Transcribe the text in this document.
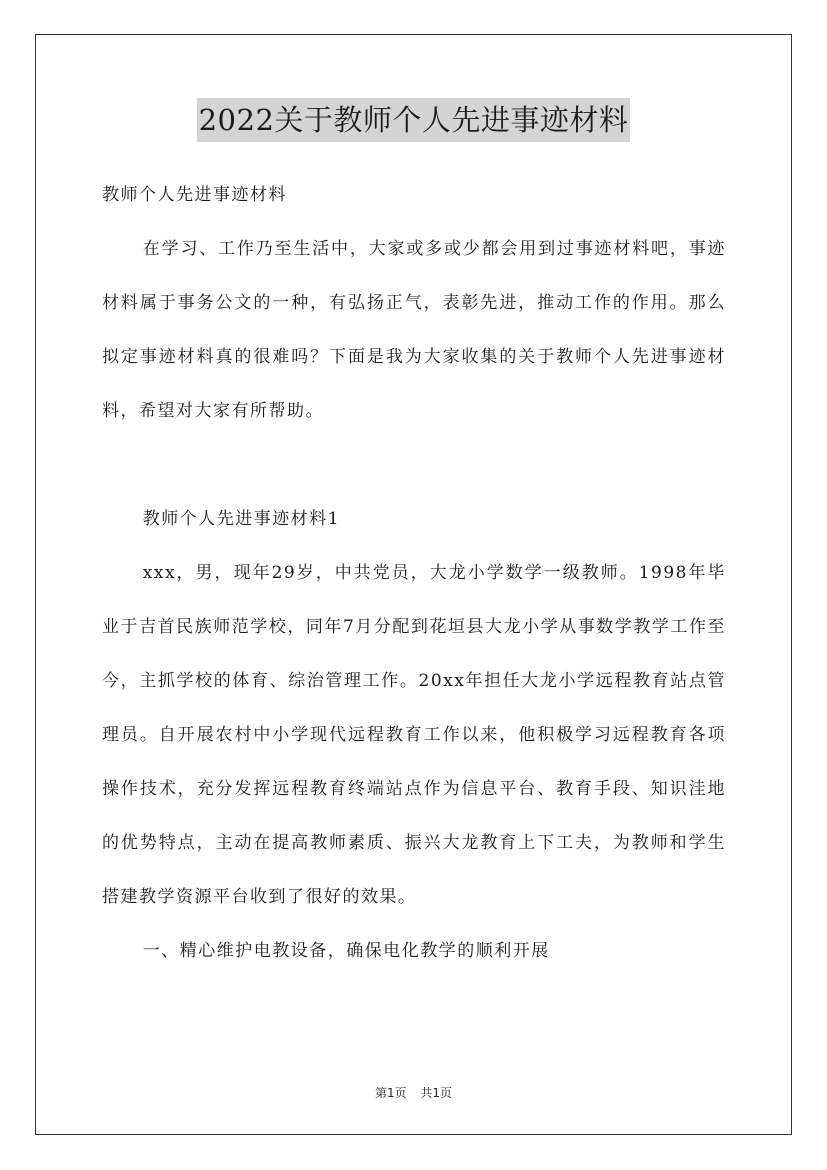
2022关于教师个人先进事迹材料

教师个人先进事迹材料

在学习、工作乃至生活中，大家或多或少都会用到过事迹材料吧，事迹材料属于事务公文的一种，有弘扬正气，表彰先进，推动工作的作用。那么拟定事迹材料真的很难吗？下面是我为大家收集的关于教师个人先进事迹材料，希望对大家有所帮助。

教师个人先进事迹材料1

xxx，男，现年29岁，中共党员，大龙小学数学一级教师。1998年毕业于吉首民族师范学校，同年7月分配到花垣县大龙小学从事数学教学工作至今，主抓学校的体育、综治管理工作。20xx年担任大龙小学远程教育站点管理员。自开展农村中小学现代远程教育工作以来，他积极学习远程教育各项操作技术，充分发挥远程教育终端站点作为信息平台、教育手段、知识洼地的优势特点，主动在提高教师素质、振兴大龙教育上下工夫，为教师和学生搭建教学资源平台收到了很好的效果。

一、精心维护电教设备，确保电化教学的顺利开展

第1页 共1页
